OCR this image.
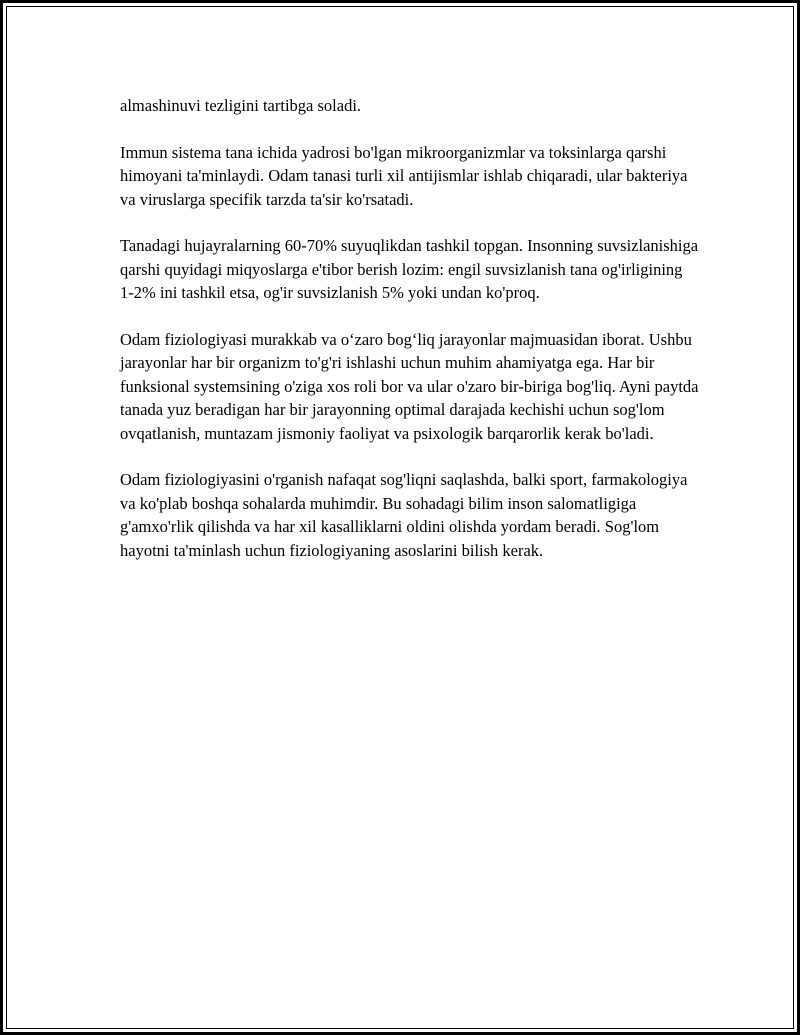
almashinuvi tezligini tartibga soladi.

Immun sistema tana ichida yadrosi bo'lgan mikroorganizmlar va toksinlarga qarshi himoyani ta'minlaydi. Odam tanasi turli xil antijismlar ishlab chiqaradi, ular bakteriya va viruslarga specifik tarzda ta'sir ko'rsatadi.

Tanadagi hujayralarning 60-70% suyuqlikdan tashkil topgan. Insonning suvsizlanishiga qarshi quyidagi miqyoslarga e'tibor berish lozim: engil suvsizlanish tana og'irligining 1-2% ini tashkil etsa, og'ir suvsizlanish 5% yoki undan ko'proq.

Odam fiziologiyasi murakkab va o‘zaro bog‘liq jarayonlar majmuasidan iborat. Ushbu jarayonlar har bir organizm to'g'ri ishlashi uchun muhim ahamiyatga ega. Har bir funksional systemsining o'ziga xos roli bor va ular o'zaro bir-biriga bog'liq. Ayni paytda tanada yuz beradigan har bir jarayonning optimal darajada kechishi uchun sog'lom ovqatlanish, muntazam jismoniy faoliyat va psixologik barqarorlik kerak bo'ladi.

Odam fiziologiyasini o'rganish nafaqat sog'liqni saqlashda, balki sport, farmakologiya va ko'plab boshqa sohalarda muhimdir. Bu sohadagi bilim inson salomatligiga g'amxo'rlik qilishda va har xil kasalliklarni oldini olishda yordam beradi. Sog'lom hayotni ta'minlash uchun fiziologiyaning asoslarini bilish kerak.
